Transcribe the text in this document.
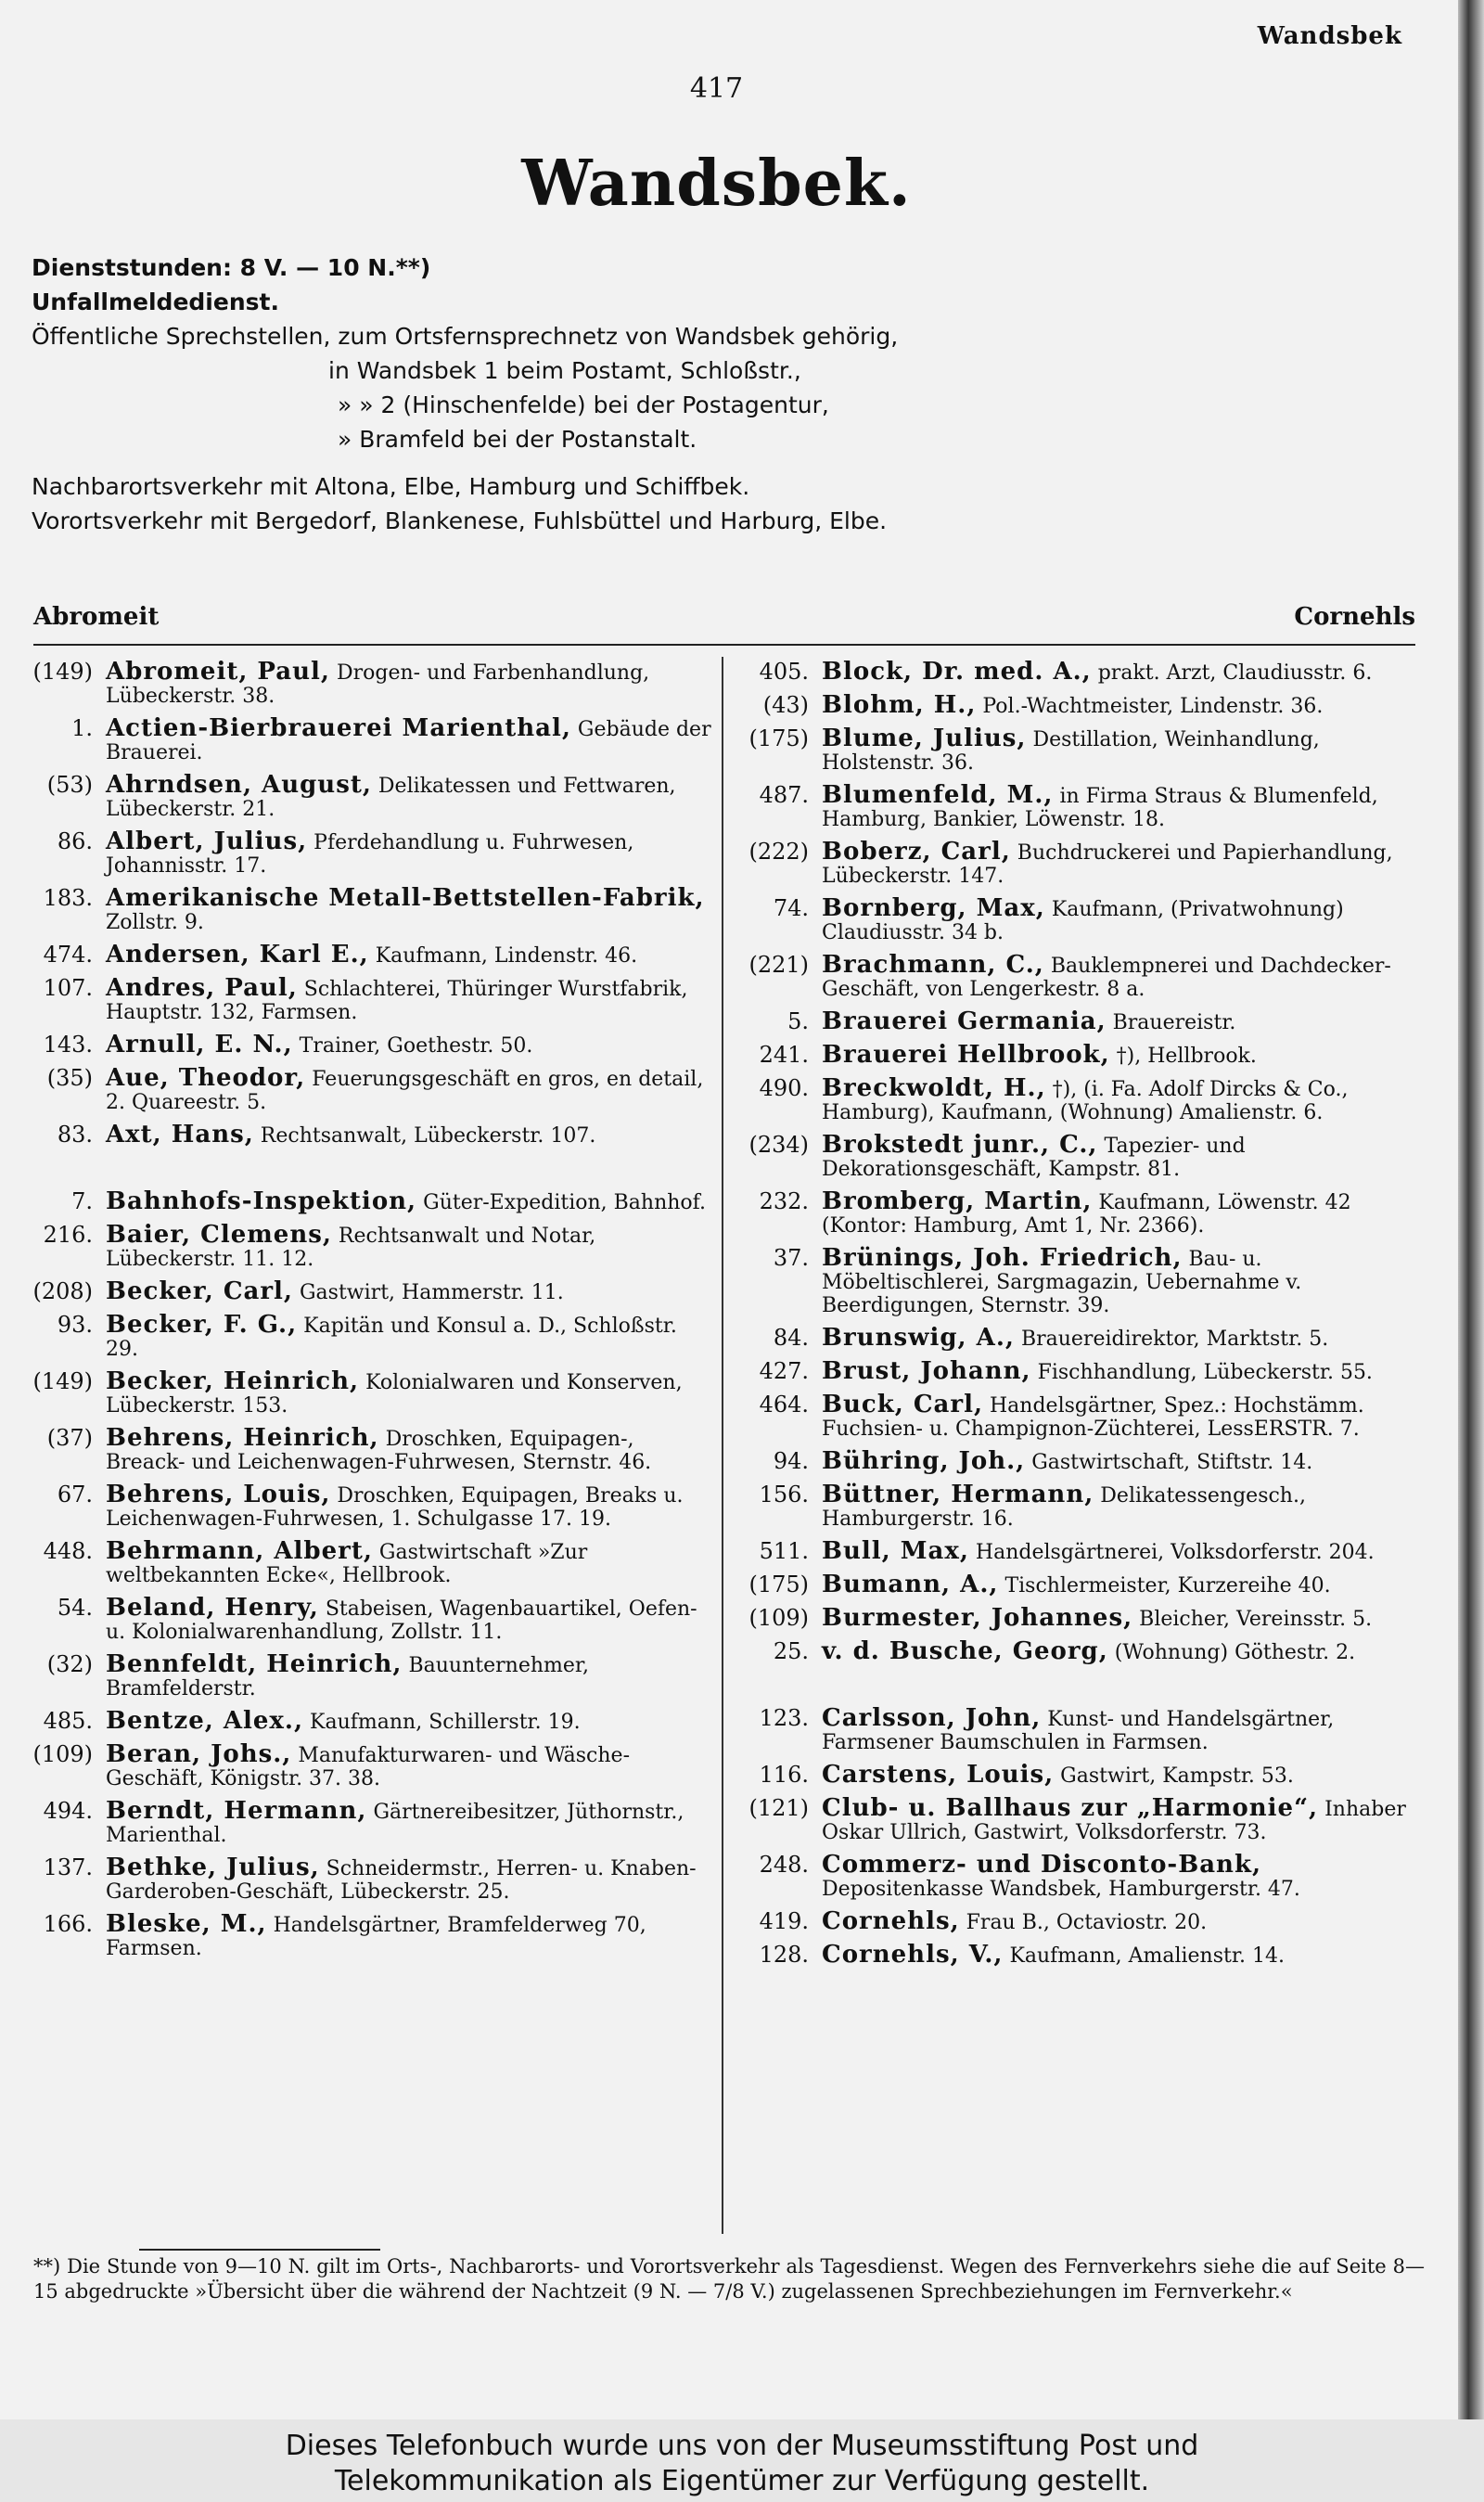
Wandsbek
417
Wandsbek.
Dienststunden: 8 V. — 10 N.**)
Unfallmeldedienst.
Öffentliche Sprechstellen, zum Ortsfernsprechnetz von Wandsbek gehörig,
in Wandsbek 1 beim Postamt, Schloßstr.,
» » 2 (Hinschenfelde) bei der Postagentur,
» Bramfeld bei der Postanstalt.
Nachbarortsverkehr mit Altona, Elbe, Hamburg und Schiffbek.
Vorortsverkehr mit Bergedorf, Blankenese, Fuhlsbüttel und Harburg, Elbe.
Abromeit	Cornehls
(149) Abromeit, Paul, Drogen- und Farbenhandlung, Lübeckerstr. 38.
1. Actien-Bierbrauerei Marienthal, Gebäude der Brauerei.
(53) Ahrndsen, August, Delikatessen und Fettwaren, Lübeckerstr. 21.
86. Albert, Julius, Pferdehandlung u. Fuhrwesen, Johannisstr. 17.
183. Amerikanische Metall-Bettstellen-Fabrik, Zollstr. 9.
474. Andersen, Karl E., Kaufmann, Lindenstr. 46.
107. Andres, Paul, Schlachterei, Thüringer Wurstfabrik, Hauptstr. 132, Farmsen.
143. Arnull, E. N., Trainer, Goethestr. 50.
(35) Aue, Theodor, Feuerungsgeschäft en gros, en detail, 2. Quareestr. 5.
83. Axt, Hans, Rechtsanwalt, Lübeckerstr. 107.
7. Bahnhofs-Inspektion, Güter-Expedition, Bahnhof.
216. Baier, Clemens, Rechtsanwalt und Notar, Lübeckerstr. 11. 12.
(208) Becker, Carl, Gastwirt, Hammerstr. 11.
93. Becker, F. G., Kapitän und Konsul a. D., Schloßstr. 29.
(149) Becker, Heinrich, Kolonialwaren und Konserven, Lübeckerstr. 153.
(37) Behrens, Heinrich, Droschken, Equipagen-, Breack- und Leichenwagen-Fuhrwesen, Sternstr. 46.
67. Behrens, Louis, Droschken, Equipagen, Breaks u. Leichenwagen-Fuhrwesen, 1. Schulgasse 17. 19.
448. Behrmann, Albert, Gastwirtschaft »Zur weltbekannten Ecke«, Hellbrook.
54. Beland, Henry, Stabeisen, Wagenbauartikel, Oefen- u. Kolonialwarenhandlung, Zollstr. 11.
(32) Bennfeldt, Heinrich, Bauunternehmer, Bramfelderstr.
485. Bentze, Alex., Kaufmann, Schillerstr. 19.
(109) Beran, Johs., Manufakturwaren- und Wäsche-Geschäft, Königstr. 37. 38.
494. Berndt, Hermann, Gärtnereibesitzer, Jüthornstr., Marienthal.
137. Bethke, Julius, Schneidermstr., Herren- u. Knaben-Garderoben-Geschäft, Lübeckerstr. 25.
166. Bleske, M., Handelsgärtner, Bramfelderweg 70, Farmsen.
405. Block, Dr. med. A., prakt. Arzt, Claudiusstr. 6.
(43) Blohm, H., Pol.-Wachtmeister, Lindenstr. 36.
(175) Blume, Julius, Destillation, Weinhandlung, Holstenstr. 36.
487. Blumenfeld, M., in Firma Straus & Blumenfeld, Hamburg, Bankier, Löwenstr. 18.
(222) Boberz, Carl, Buchdruckerei und Papierhandlung, Lübeckerstr. 147.
74. Bornberg, Max, Kaufmann, (Privatwohnung) Claudiusstr. 34 b.
(221) Brachmann, C., Bauklempnerei und Dachdecker-Geschäft, von Lengerkestr. 8 a.
5. Brauerei Germania, Brauereistr.
241. Brauerei Hellbrook, †), Hellbrook.
490. Breckwoldt, H., †), (i. Fa. Adolf Dircks & Co., Hamburg), Kaufmann, (Wohnung) Amalienstr. 6.
(234) Brokstedt junr., C., Tapezier- und Dekorationsgeschäft, Kampstr. 81.
232. Bromberg, Martin, Kaufmann, Löwenstr. 42 (Kontor: Hamburg, Amt 1, Nr. 2366).
37. Brünings, Joh. Friedrich, Bau- u. Möbeltischlerei, Sargmagazin, Uebernahme v. Beerdigungen, Sternstr. 39.
84. Brunswig, A., Brauereidirektor, Marktstr. 5.
427. Brust, Johann, Fischhandlung, Lübeckerstr. 55.
464. Buck, Carl, Handelsgärtner, Spez.: Hochstämm. Fuchsien- u. Champignon-Züchterei, LessERSTR. 7.
94. Bühring, Joh., Gastwirtschaft, Stiftstr. 14.
156. Büttner, Hermann, Delikatessengesch., Hamburgerstr. 16.
511. Bull, Max, Handelsgärtnerei, Volksdorferstr. 204.
(175) Bumann, A., Tischlermeister, Kurzereihe 40.
(109) Burmester, Johannes, Bleicher, Vereinsstr. 5.
25. v. d. Busche, Georg, (Wohnung) Göthestr. 2.
123. Carlsson, John, Kunst- und Handelsgärtner, Farmsener Baumschulen in Farmsen.
116. Carstens, Louis, Gastwirt, Kampstr. 53.
(121) Club- u. Ballhaus zur „Harmonie“, Inhaber Oskar Ullrich, Gastwirt, Volksdorferstr. 73.
248. Commerz- und Disconto-Bank, Depositenkasse Wandsbek, Hamburgerstr. 47.
419. Cornehls, Frau B., Octaviostr. 20.
128. Cornehls, V., Kaufmann, Amalienstr. 14.
**) Die Stunde von 9—10 N. gilt im Orts-, Nachbarorts- und Vorortsverkehr als Tagesdienst. Wegen des Fernverkehrs siehe die auf Seite 8—15 abgedruckte »Übersicht über die während der Nachtzeit (9 N. — 7/8 V.) zugelassenen Sprechbeziehungen im Fernverkehr.«
Dieses Telefonbuch wurde uns von der Museumsstiftung Post und
Telekommunikation als Eigentümer zur Verfügung gestellt.
